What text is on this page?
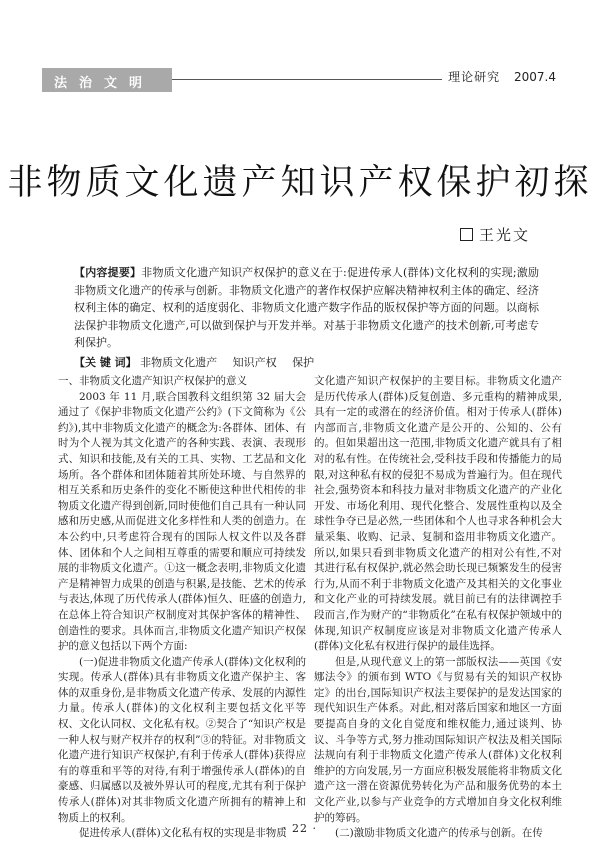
法治文明	理论研究 2007.4
非物质文化遗产知识产权保护初探
王光文
【内容提要】非物质文化遗产知识产权保护的意义在于:促进传承人(群体)文化权利的实现;激励非物质文化遗产的传承与创新。非物质文化遗产的著作权保护应解决精神权利主体的确定、经济权利主体的确定、权利的适度弱化、非物质文化遗产数字作品的版权保护等方面的问题。以商标法保护非物质文化遗产,可以做到保护与开发并举。对基于非物质文化遗产的技术创新,可考虑专利保护。
【关 键 词】 非物质文化遗产 知识产权 保护

一、非物质文化遗产知识产权保护的意义

2003 年 11 月,联合国教科文组织第 32 届大会通过了《保护非物质文化遗产公约》(下文简称为《公约》),其中非物质文化遗产的概念为:各群体、团体、有时为个人视为其文化遗产的各种实践、表演、表现形式、知识和技能,及有关的工具、实物、工艺品和文化场所。各个群体和团体随着其所处环境、与自然界的相互关系和历史条件的变化不断使这种世代相传的非物质文化遗产得到创新,同时使他们自己具有一种认同感和历史感,从而促进文化多样性和人类的创造力。在本公约中,只考虑符合现有的国际人权文件以及各群体、团体和个人之间相互尊重的需要和顺应可持续发展的非物质文化遗产。①这一概念表明,非物质文化遗产是精神智力成果的创造与积累,是技能、艺术的传承与表达,体现了历代传承人(群体)恒久、旺盛的创造力,在总体上符合知识产权制度对其保护客体的精神性、创造性的要求。具体而言,非物质文化遗产知识产权保护的意义包括以下两个方面:

(一)促进非物质文化遗产传承人(群体)文化权利的实现。传承人(群体)具有非物质文化遗产保护主、客体的双重身份,是非物质文化遗产传承、发展的内源性力量。传承人(群体)的文化权利主要包括文化平等权、文化认同权、文化私有权。②契合了“知识产权是一种人权与财产权并存的权利”③的特征。对非物质文化遗产进行知识产权保护,有利于传承人(群体)获得应有的尊重和平等的对待,有利于增强传承人(群体)的自豪感、归属感以及被外界认可的程度,尤其有利于保护传承人(群体)对其非物质文化遗产所拥有的精神上和物质上的权利。

促进传承人(群体)文化私有权的实现是非物质

文化遗产知识产权保护的主要目标。非物质文化遗产是历代传承人(群体)反复创造、多元重构的精神成果,具有一定的或潜在的经济价值。相对于传承人(群体)内部而言,非物质文化遗产是公开的、公知的、公有的。但如果超出这一范围,非物质文化遗产就具有了相对的私有性。在传统社会,受科技手段和传播能力的局限,对这种私有权的侵犯不易成为普遍行为。但在现代社会,强势资本和科技力量对非物质文化遗产的产业化开发、市场化利用、现代化整合、发展性重构以及全球性争夺已是必然,一些团体和个人也寻求各种机会大量采集、收购、记录、复制和盗用非物质文化遗产。所以,如果只看到非物质文化遗产的相对公有性,不对其进行私有权保护,就必然会助长现已频繁发生的侵害行为,从而不利于非物质文化遗产及其相关的文化事业和文化产业的可持续发展。就目前已有的法律调控手段而言,作为财产的“非物质化”在私有权保护领域中的体现,知识产权制度应该是对非物质文化遗产传承人(群体)文化私有权进行保护的最佳选择。

但是,从现代意义上的第一部版权法——英国《安娜法令》的颁布到 WTO《与贸易有关的知识产权协定》的出台,国际知识产权法主要保护的是发达国家的现代知识生产体系。对此,相对落后国家和地区一方面要提高自身的文化自觉度和维权能力,通过谈判、协议、斗争等方式,努力推动国际知识产权法及相关国际法规向有利于非物质文化遗产传承人(群体)文化权利维护的方向发展,另一方面应积极发展能将非物质文化遗产这一潜在资源优势转化为产品和服务优势的本土文化产业,以参与产业竞争的方式增加自身文化权利维护的筹码。

(二)激励非物质文化遗产的传承与创新。在传

· 22 ·
